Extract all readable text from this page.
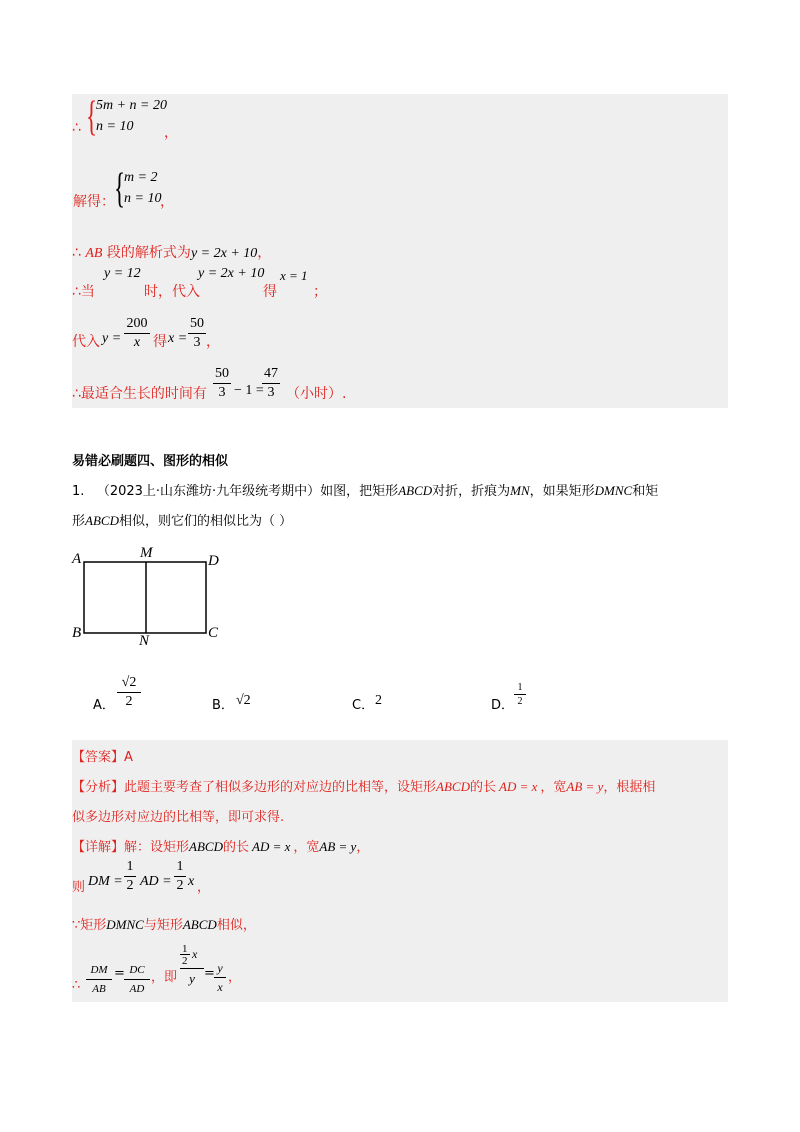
∴ {
5m + n = 20
n = 10 ，
解得： {
m = 2
n = 10
，
∴ AB 段的解析式为y = 2x + 10，
∴当
y = 12
时，代入
y = 2x + 10
得
x = 1
；
代入 y =
200
x 得 x =
50
3 ，
∴最适合生长的时间有
50
3 − 1 =
47
3 （小时）.
易错必刷题四、图形的相似
1. （2023上·山东潍坊·九年级统考期中）如图，把矩形ABCD对折，折痕为MN，如果矩形DMNC和矩
形ABCD相似，则它们的相似比为（ ）
A	M	D
B	N	C
A．
√2
2	B． √2	C． 2	D．
1
2
【答案】A
【分析】此题主要考查了相似多边形的对应边的比相等，设矩形ABCD的长 AD = x ，宽AB = y，根据相
似多边形对应边的比相等，即可求得.
【详解】解：设矩形ABCD的长 AD = x ，宽AB = y，
则 DM =
1
2 AD =
1
2 x ，
∵矩形DMNC与矩形ABCD相似，
∴
DM
AB
= DC
AD
，即
1
2 x
y = y
x
，
